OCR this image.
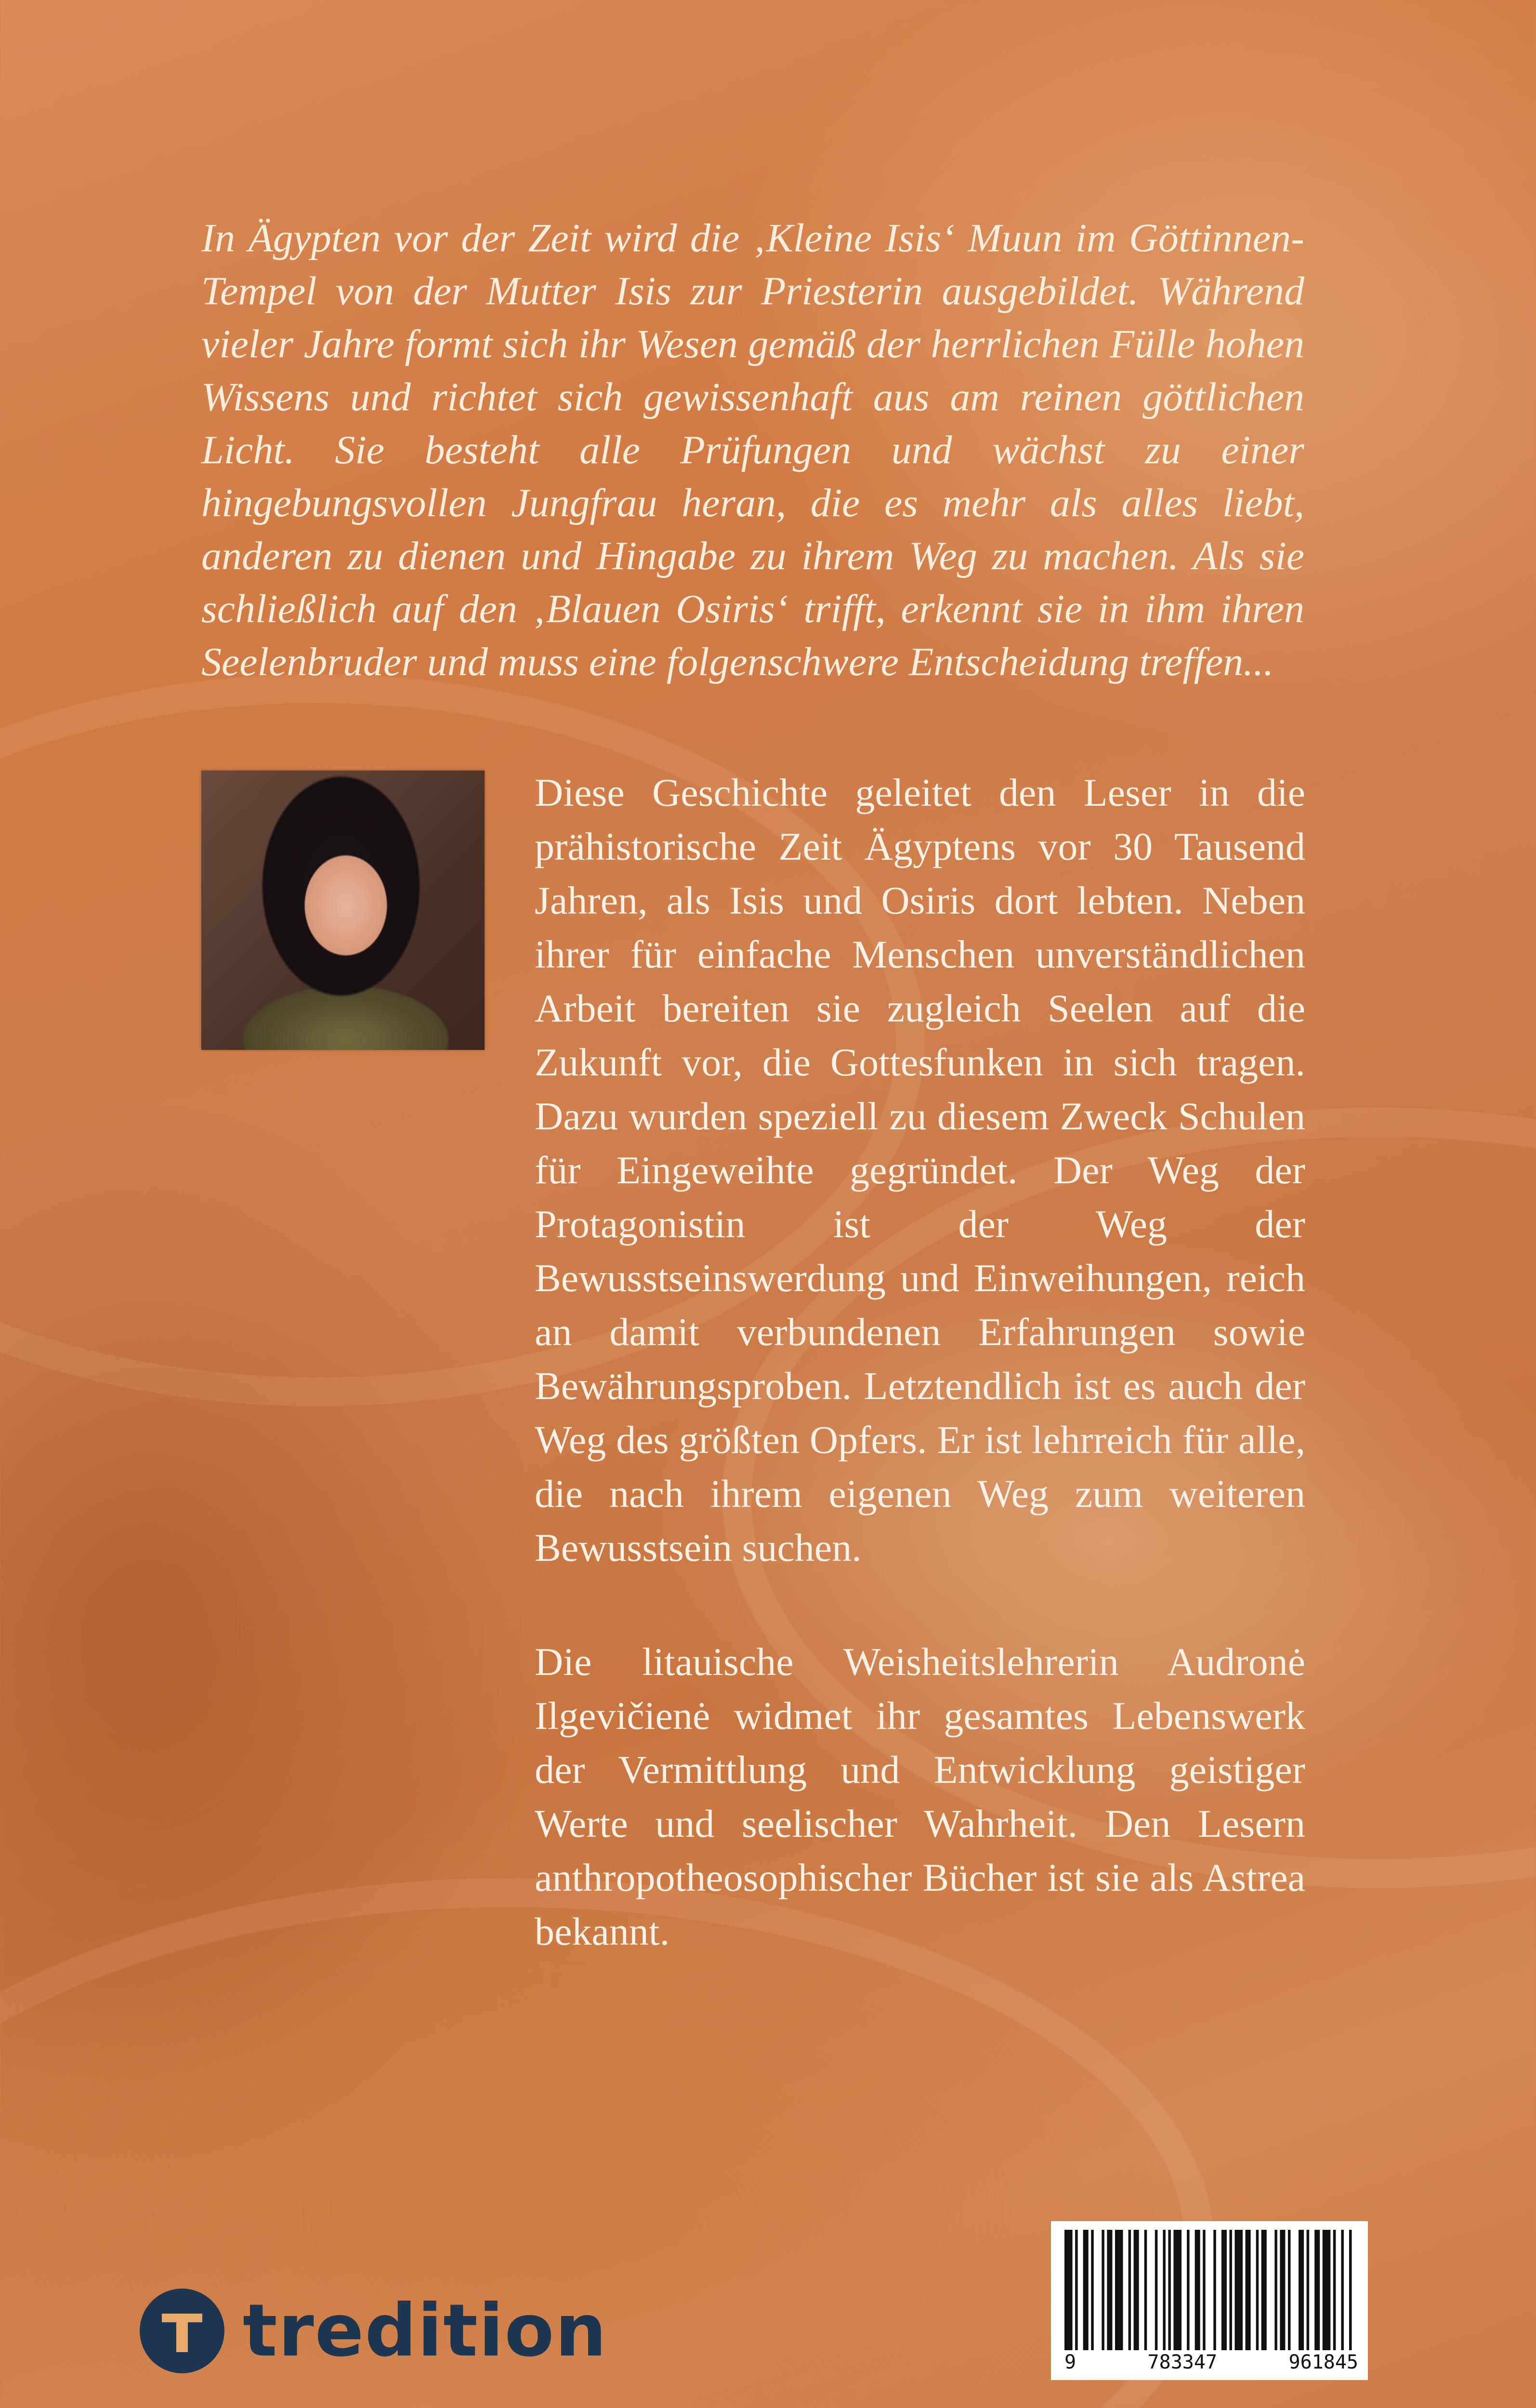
In Ägypten vor der Zeit wird die ‚Kleine Isis‘ Muun im Göttinnen-Tempel von der Mutter Isis zur Priesterin ausgebildet. Während vieler Jahre formt sich ihr Wesen gemäß der herrlichen Fülle hohen Wissens und richtet sich gewissenhaft aus am reinen göttlichen Licht. Sie besteht alle Prüfungen und wächst zu einer hingebungsvollen Jungfrau heran, die es mehr als alles liebt, anderen zu dienen und Hingabe zu ihrem Weg zu machen. Als sie schließlich auf den ‚Blauen Osiris‘ trifft, erkennt sie in ihm ihren Seelenbruder und muss eine folgenschwere Entscheidung treffen...

Diese Geschichte geleitet den Leser in die prähistorische Zeit Ägyptens vor 30 Tausend Jahren, als Isis und Osiris dort lebten. Neben ihrer für einfache Menschen unverständlichen Arbeit bereiten sie zugleich Seelen auf die Zukunft vor, die Gottesfunken in sich tragen. Dazu wurden speziell zu diesem Zweck Schulen für Eingeweihte gegründet. Der Weg der Protagonistin ist der Weg der Bewusstseinswerdung und Einweihungen, reich an damit verbundenen Erfahrungen sowie Bewährungsproben. Letztendlich ist es auch der Weg des größten Opfers. Er ist lehrreich für alle, die nach ihrem eigenen Weg zum weiteren Bewusstsein suchen.

Die litauische Weisheitslehrerin Audronė Ilgevičienė widmet ihr gesamtes Lebenswerk der Vermittlung und Entwicklung geistiger Werte und seelischer Wahrheit. Den Lesern anthropotheosophischer Bücher ist sie als Astrea bekannt.

tredition	9	783347	961845
